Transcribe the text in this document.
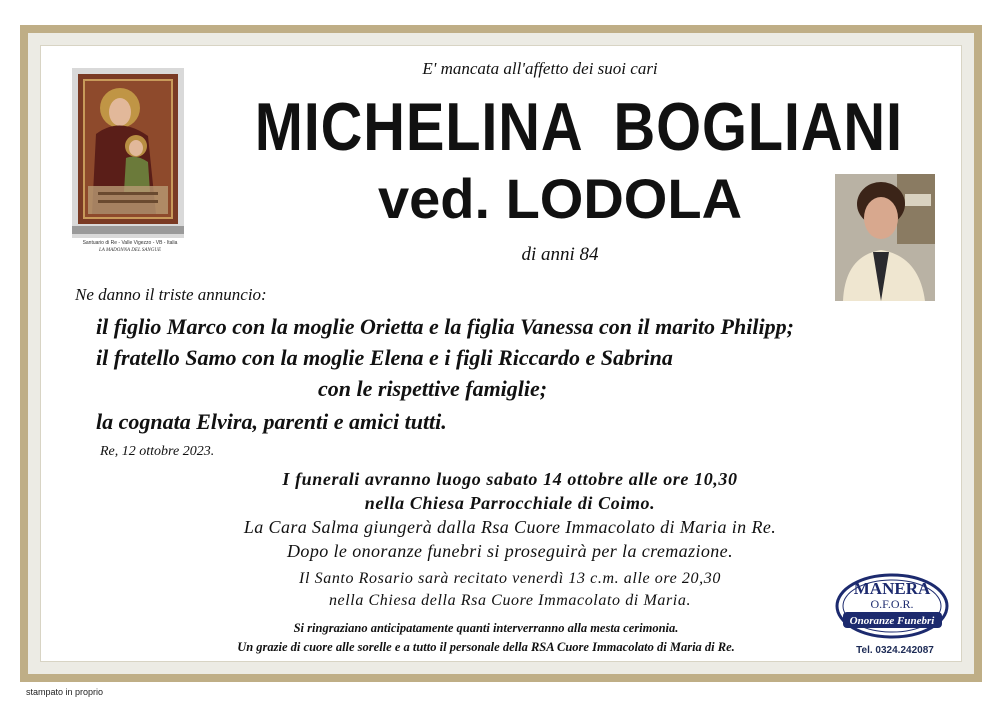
Santuario di Re - Valle Vigezzo - VB - Italia
LA MADONNA DEL SANGUE
E' mancata all'affetto dei suoi cari
MICHELINA BOGLIANI
ved. LODOLA
di anni 84
Ne danno il triste annuncio:
il figlio Marco con la moglie Orietta e la figlia Vanessa con il marito Philipp;
il fratello Samo con la moglie Elena e i figli Riccardo e Sabrina
con le rispettive famiglie;
la cognata Elvira, parenti e amici tutti.
Re, 12 ottobre 2023.
I funerali avranno luogo sabato 14 ottobre alle ore 10,30
nella Chiesa Parrocchiale di Coimo.
La Cara Salma giungerà dalla Rsa Cuore Immacolato di Maria in Re.
Dopo le onoranze funebri si proseguirà per la cremazione.
Il Santo Rosario sarà recitato venerdì 13 c.m. alle ore 20,30
nella Chiesa della Rsa Cuore Immacolato di Maria.
Si ringraziano anticipatamente quanti interverranno alla mesta cerimonia.
Un grazie di cuore alle sorelle e a tutto il personale della RSA Cuore Immacolato di Maria di Re.
MANERA
O.F.O.R.
Onoranze Funebri
Tel. 0324.242087
stampato in proprio
